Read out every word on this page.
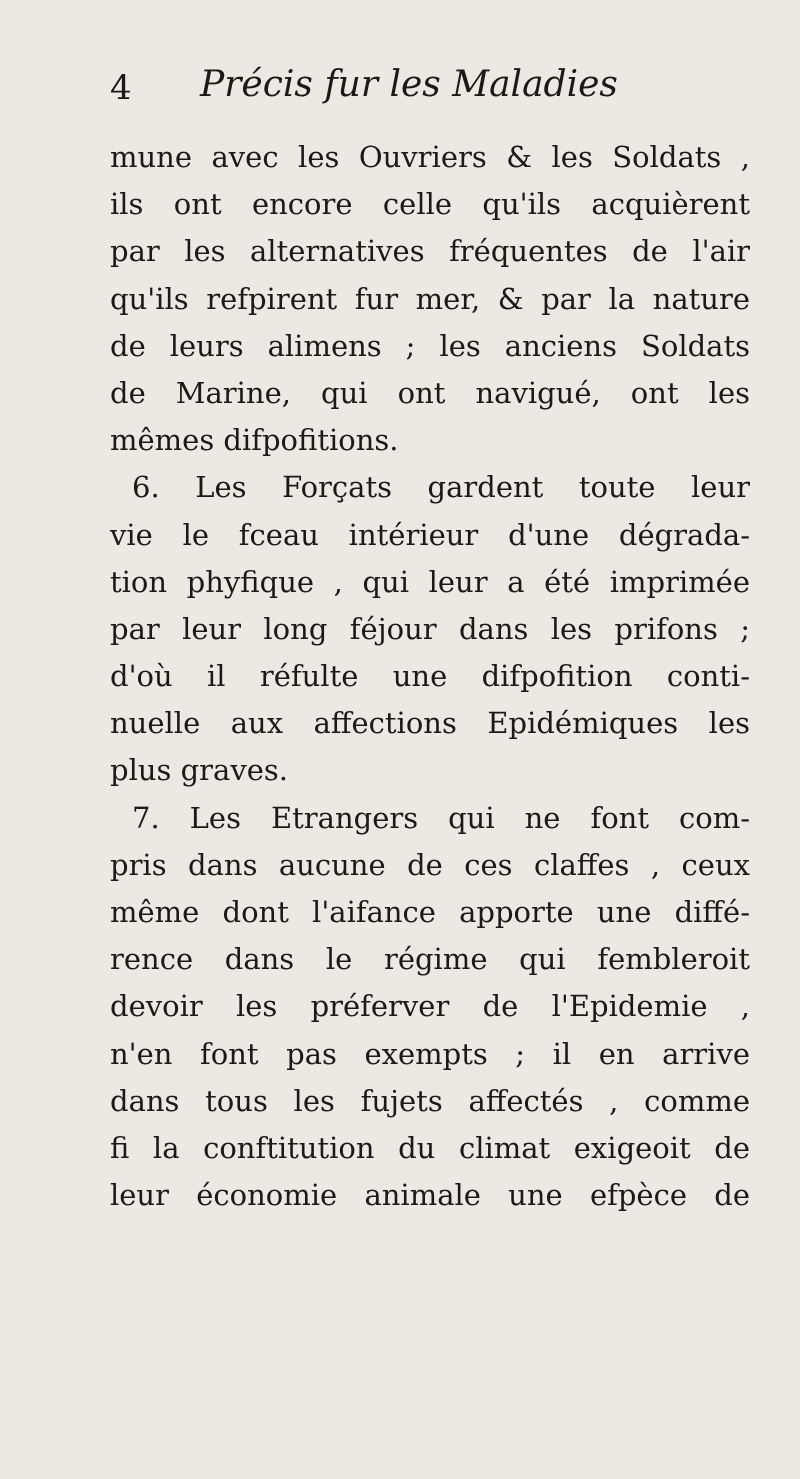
4 Précis fur les Maladies
mune avec les Ouvriers & les Soldats ,
ils ont encore celle qu'ils acquièrent
par les alternatives fréquentes de l'air
qu'ils refpirent fur mer, & par la nature
de leurs alimens ; les anciens Soldats
de Marine, qui ont navigué, ont les
mêmes difpofitions.
6. Les Forçats gardent toute leur
vie le fceau intérieur d'une dégrada-
tion phyfique , qui leur a été imprimée
par leur long féjour dans les prifons ;
d'où il réfulte une difpofition conti-
nuelle aux affections Epidémiques les
plus graves.
7. Les Etrangers qui ne font com-
pris dans aucune de ces claffes , ceux
même dont l'aifance apporte une diffé-
rence dans le régime qui fembleroit
devoir les préferver de l'Epidemie ,
n'en font pas exempts ; il en arrive
dans tous les fujets affectés , comme
fi la conftitution du climat exigeoit de
leur économie animale une efpèce de
